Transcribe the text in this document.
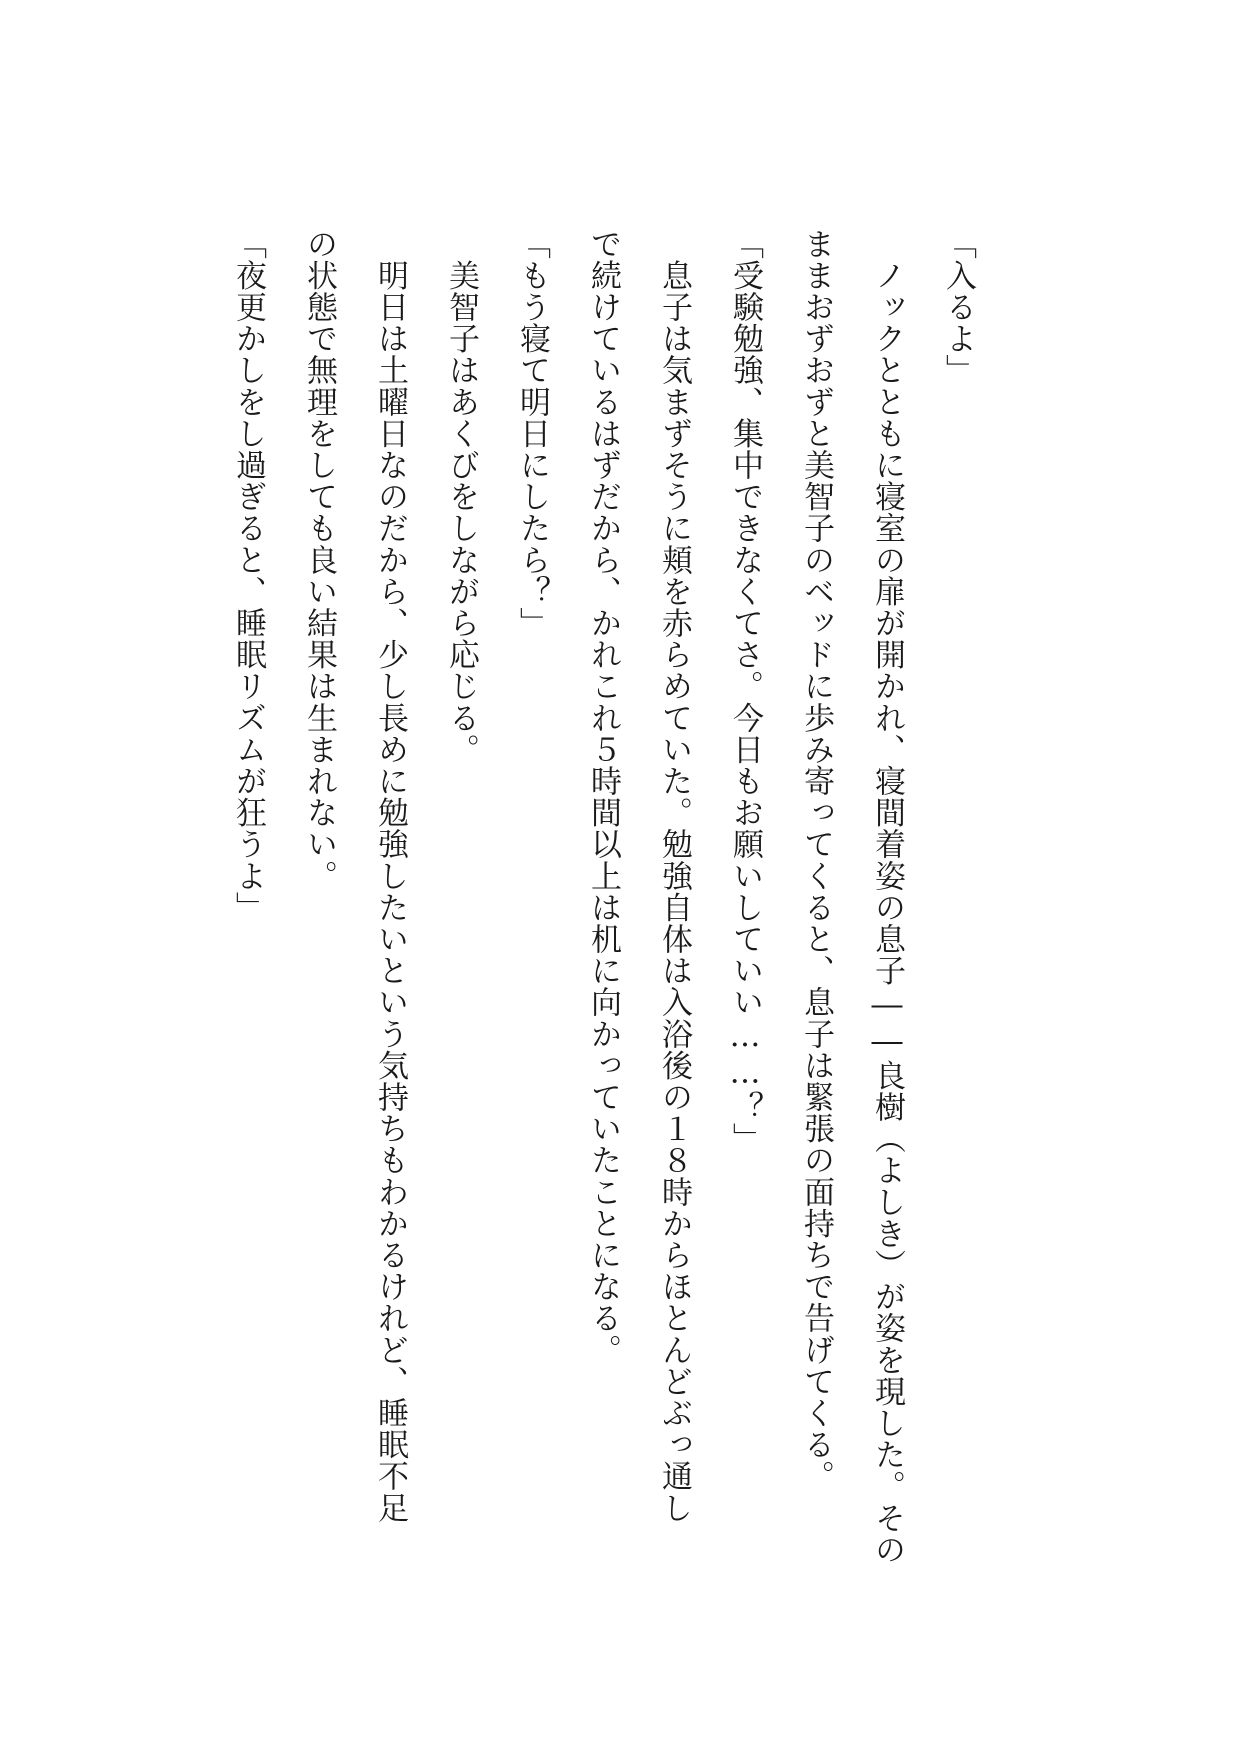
「入るよ」
　ノックとともに寝室の扉が開かれ、寝間着姿の息子――良樹（よしき）が姿を現した。その
ままおずおずと美智子のベッドに歩み寄ってくると、息子は緊張の面持ちで告げてくる。
「受験勉強、集中できなくてさ。今日もお願いしていい……？」
　息子は気まずそうに頬を赤らめていた。勉強自体は入浴後の１８時からほとんどぶっ通し
で続けているはずだから、かれこれ５時間以上は机に向かっていたことになる。
「もう寝て明日にしたら？」
　美智子はあくびをしながら応じる。
　明日は土曜日なのだから、少し長めに勉強したいという気持ちもわかるけれど、睡眠不足
の状態で無理をしても良い結果は生まれない。
「夜更かしをし過ぎると、睡眠リズムが狂うよ」
